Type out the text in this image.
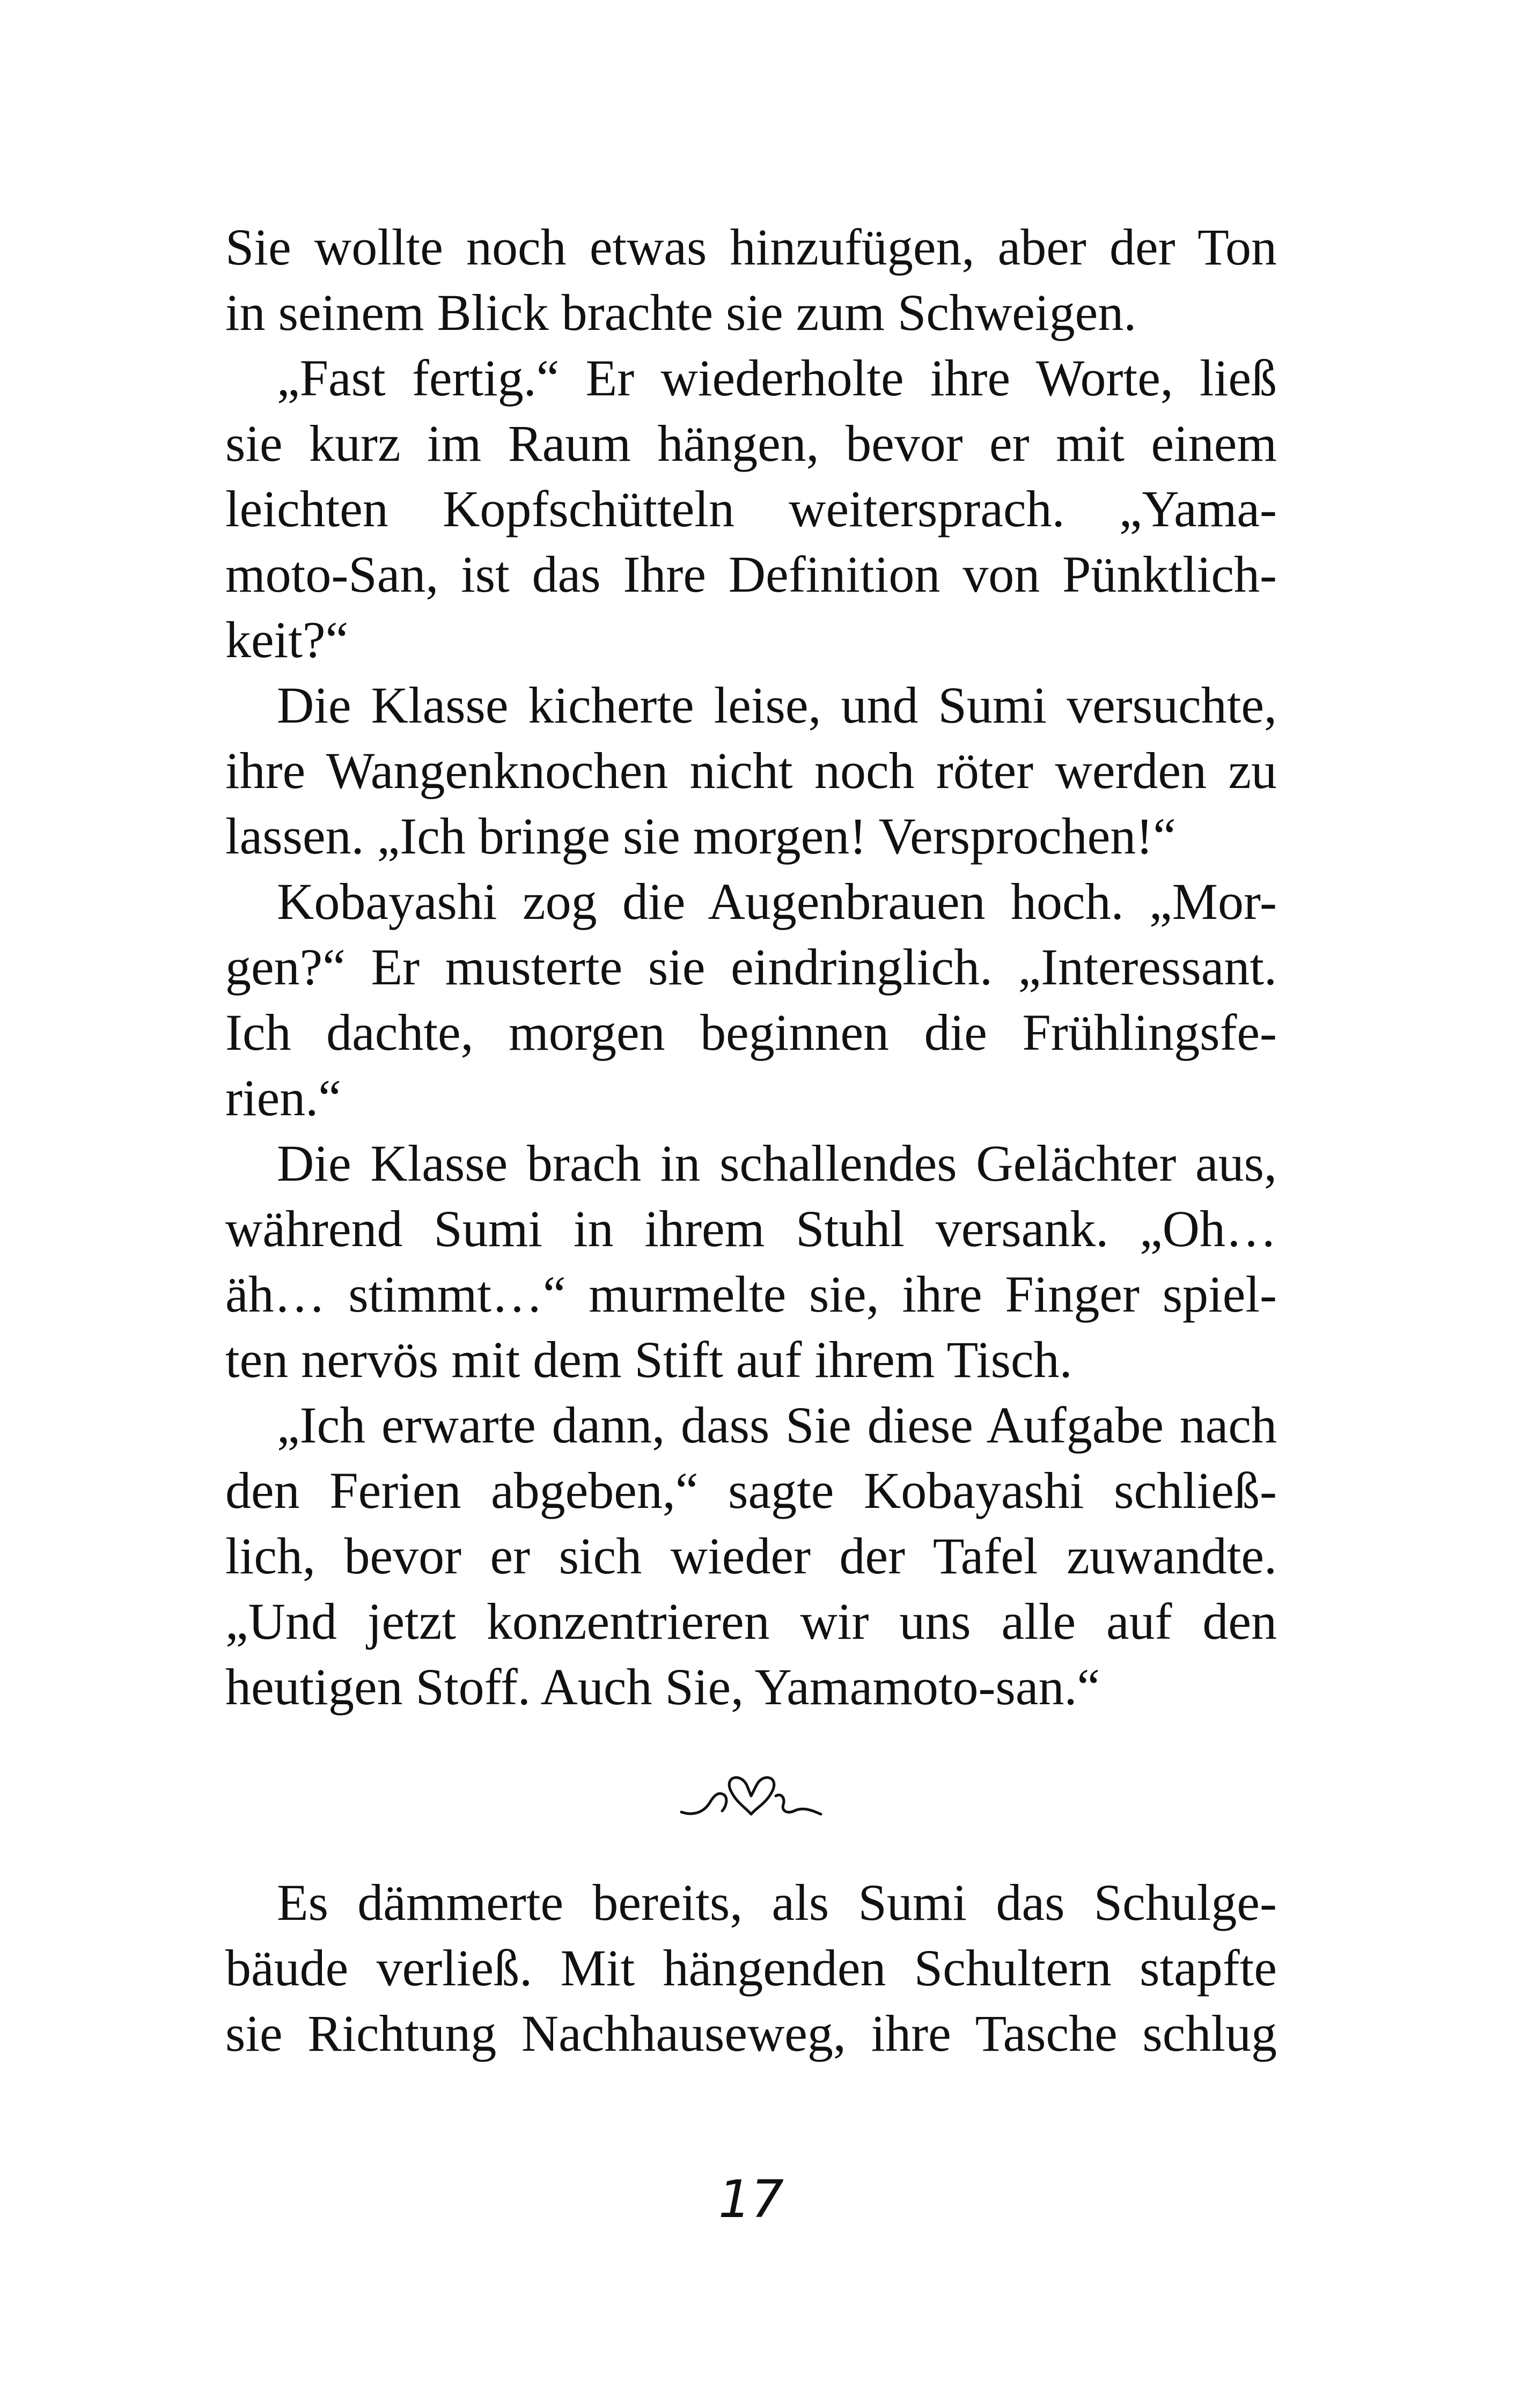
Sie wollte noch etwas hinzufügen, aber der Ton
in seinem Blick brachte sie zum Schweigen.
„Fast fertig.“ Er wiederholte ihre Worte, ließ
sie kurz im Raum hängen, bevor er mit einem
leichten Kopfschütteln weitersprach. „Yama-
moto-San, ist das Ihre Definition von Pünktlich-
keit?“
Die Klasse kicherte leise, und Sumi versuchte,
ihre Wangenknochen nicht noch röter werden zu
lassen. „Ich bringe sie morgen! Versprochen!“
Kobayashi zog die Augenbrauen hoch. „Mor-
gen?“ Er musterte sie eindringlich. „Interessant.
Ich dachte, morgen beginnen die Frühlingsfe-
rien.“
Die Klasse brach in schallendes Gelächter aus,
während Sumi in ihrem Stuhl versank. „Oh…
äh… stimmt…“ murmelte sie, ihre Finger spiel-
ten nervös mit dem Stift auf ihrem Tisch.
„Ich erwarte dann, dass Sie diese Aufgabe nach
den Ferien abgeben,“ sagte Kobayashi schließ-
lich, bevor er sich wieder der Tafel zuwandte.
„Und jetzt konzentrieren wir uns alle auf den
heutigen Stoff. Auch Sie, Yamamoto-san.“
Es dämmerte bereits, als Sumi das Schulge-
bäude verließ. Mit hängenden Schultern stapfte
sie Richtung Nachhauseweg, ihre Tasche schlug
17
